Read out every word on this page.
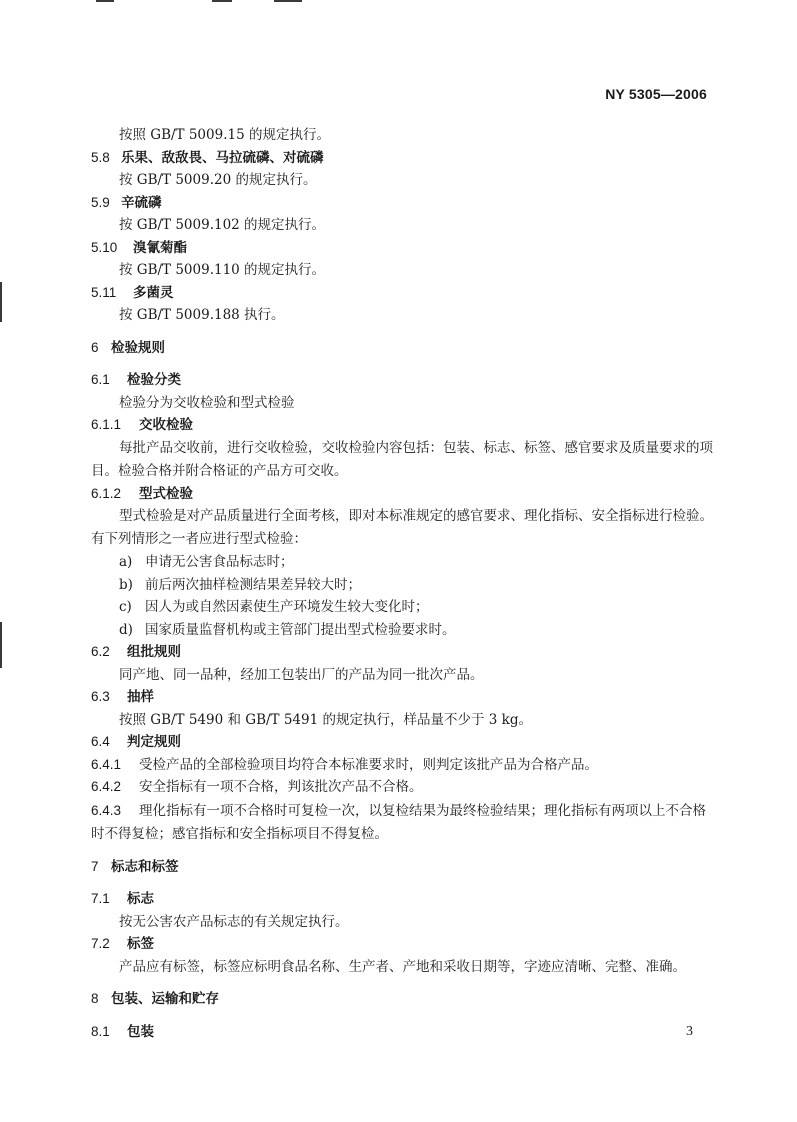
NY 5305—2006

按照 GB/T 5009.15 的规定执行。

5.8 乐果、敌敌畏、马拉硫磷、对硫磷

按 GB/T 5009.20 的规定执行。

5.9 辛硫磷

按 GB/T 5009.102 的规定执行。

5.10 溴氰菊酯

按 GB/T 5009.110 的规定执行。

5.11 多菌灵

按 GB/T 5009.188 执行。

6 检验规则

6.1 检验分类

检验分为交收检验和型式检验

6.1.1 交收检验

每批产品交收前，进行交收检验，交收检验内容包括：包装、标志、标签、感官要求及质量要求的项目。检验合格并附合格证的产品方可交收。

6.1.2 型式检验

型式检验是对产品质量进行全面考核，即对本标准规定的感官要求、理化指标、安全指标进行检验。有下列情形之一者应进行型式检验：

a) 申请无公害食品标志时；
b) 前后两次抽样检测结果差异较大时；
c) 因人为或自然因素使生产环境发生较大变化时；
d) 国家质量监督机构或主管部门提出型式检验要求时。

6.2 组批规则

同产地、同一品种，经加工包装出厂的产品为同一批次产品。

6.3 抽样

按照 GB/T 5490 和 GB/T 5491 的规定执行，样品量不少于 3 kg。

6.4 判定规则

6.4.1 受检产品的全部检验项目均符合本标准要求时，则判定该批产品为合格产品。

6.4.2 安全指标有一项不合格，判该批次产品不合格。

6.4.3 理化指标有一项不合格时可复检一次，以复检结果为最终检验结果；理化指标有两项以上不合格时不得复检；感官指标和安全指标项目不得复检。

7 标志和标签

7.1 标志

按无公害农产品标志的有关规定执行。

7.2 标签

产品应有标签，标签应标明食品名称、生产者、产地和采收日期等，字迹应清晰、完整、准确。

8 包装、运输和贮存

8.1 包装	3
